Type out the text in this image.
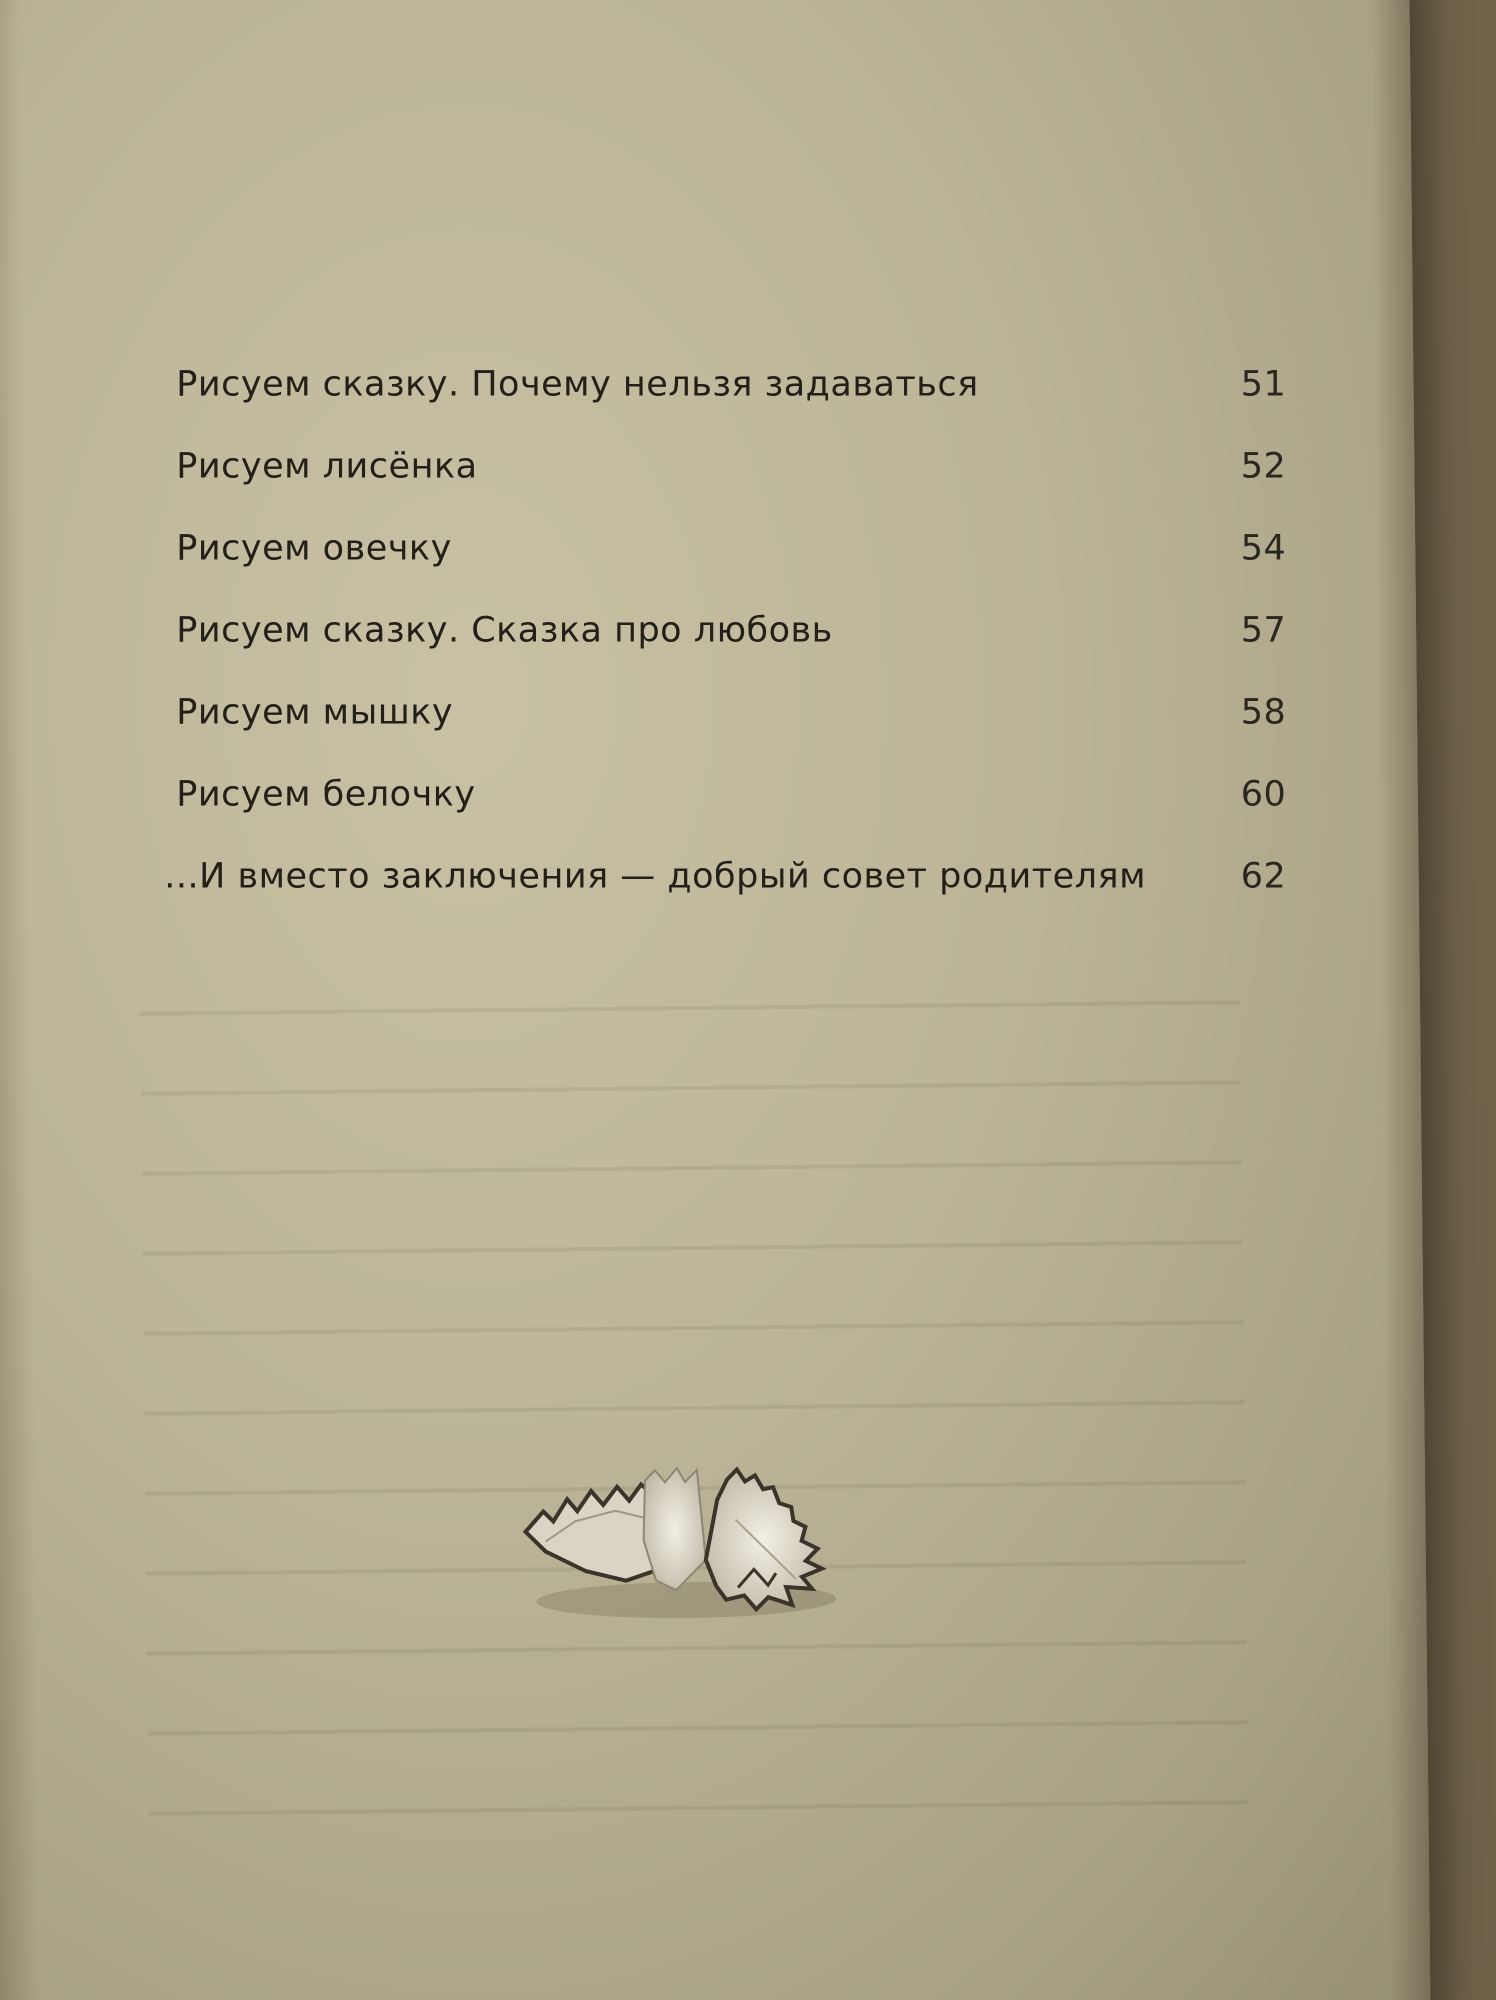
Рисуем сказку. Почему нельзя задаваться	51
Рисуем лисёнка	52
Рисуем овечку	54
Рисуем сказку. Сказка про любовь	57
Рисуем мышку	58
Рисуем белочку	60
...И вместо заключения — добрый совет родителям	62
